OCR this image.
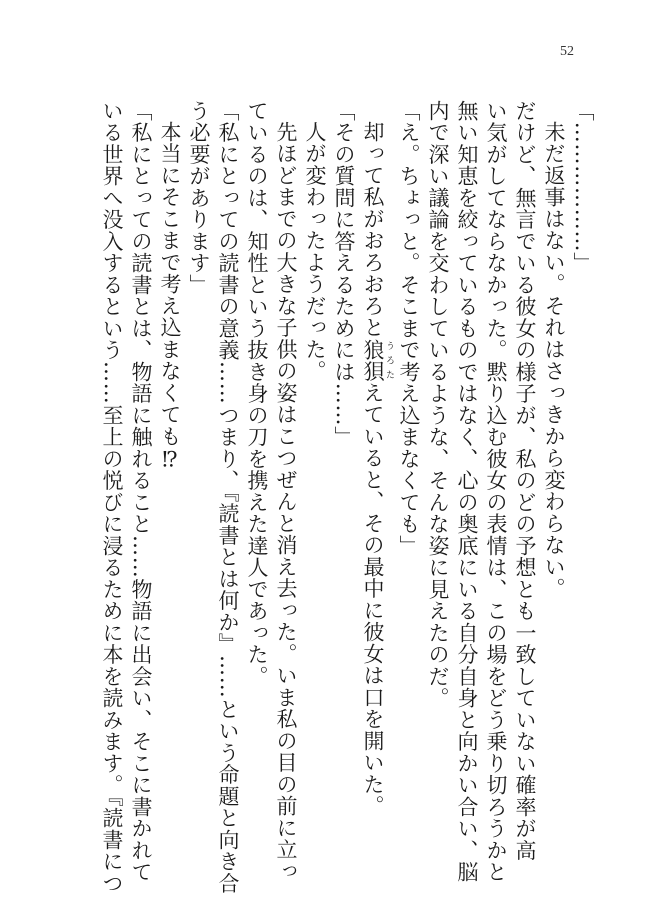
52

「………………」

未だ返事はない。それはさっきから変わらない。

だけど、無言でいる彼女の様子が、私のどの予想とも一致していない確率が高

い気がしてならなかった。黙り込む彼女の表情は、この場をどう乗り切ろうかと

無い知恵を絞っているものではなく、心の奥底にいる自分自身と向かい合い、脳

内で深い議論を交わしているような、そんな姿に見えたのだ。

「え。ちょっと。そこまで考え込まなくても」

却って私がおろおろと狼狽 うろたえていると、その最中に彼女は口を開いた。

「その質問に答えるためには……」

人が変わったようだった。

先ほどまでの大きな子供の姿はこつぜんと消え去った。いま私の目の前に立っ

ているのは、知性という抜き身の刀を携えた達人であった。

「私にとっての読書の意義……つまり、『読書とは何か』……という命題と向き合

う必要があります」

本当にそこまで考え込まなくても⁉

「私にとっての読書とは、物語に触れること……物語に出会い、そこに書かれて

いる世界へ没入するという……至上の悦びに浸るために本を読みます。『読書につ
